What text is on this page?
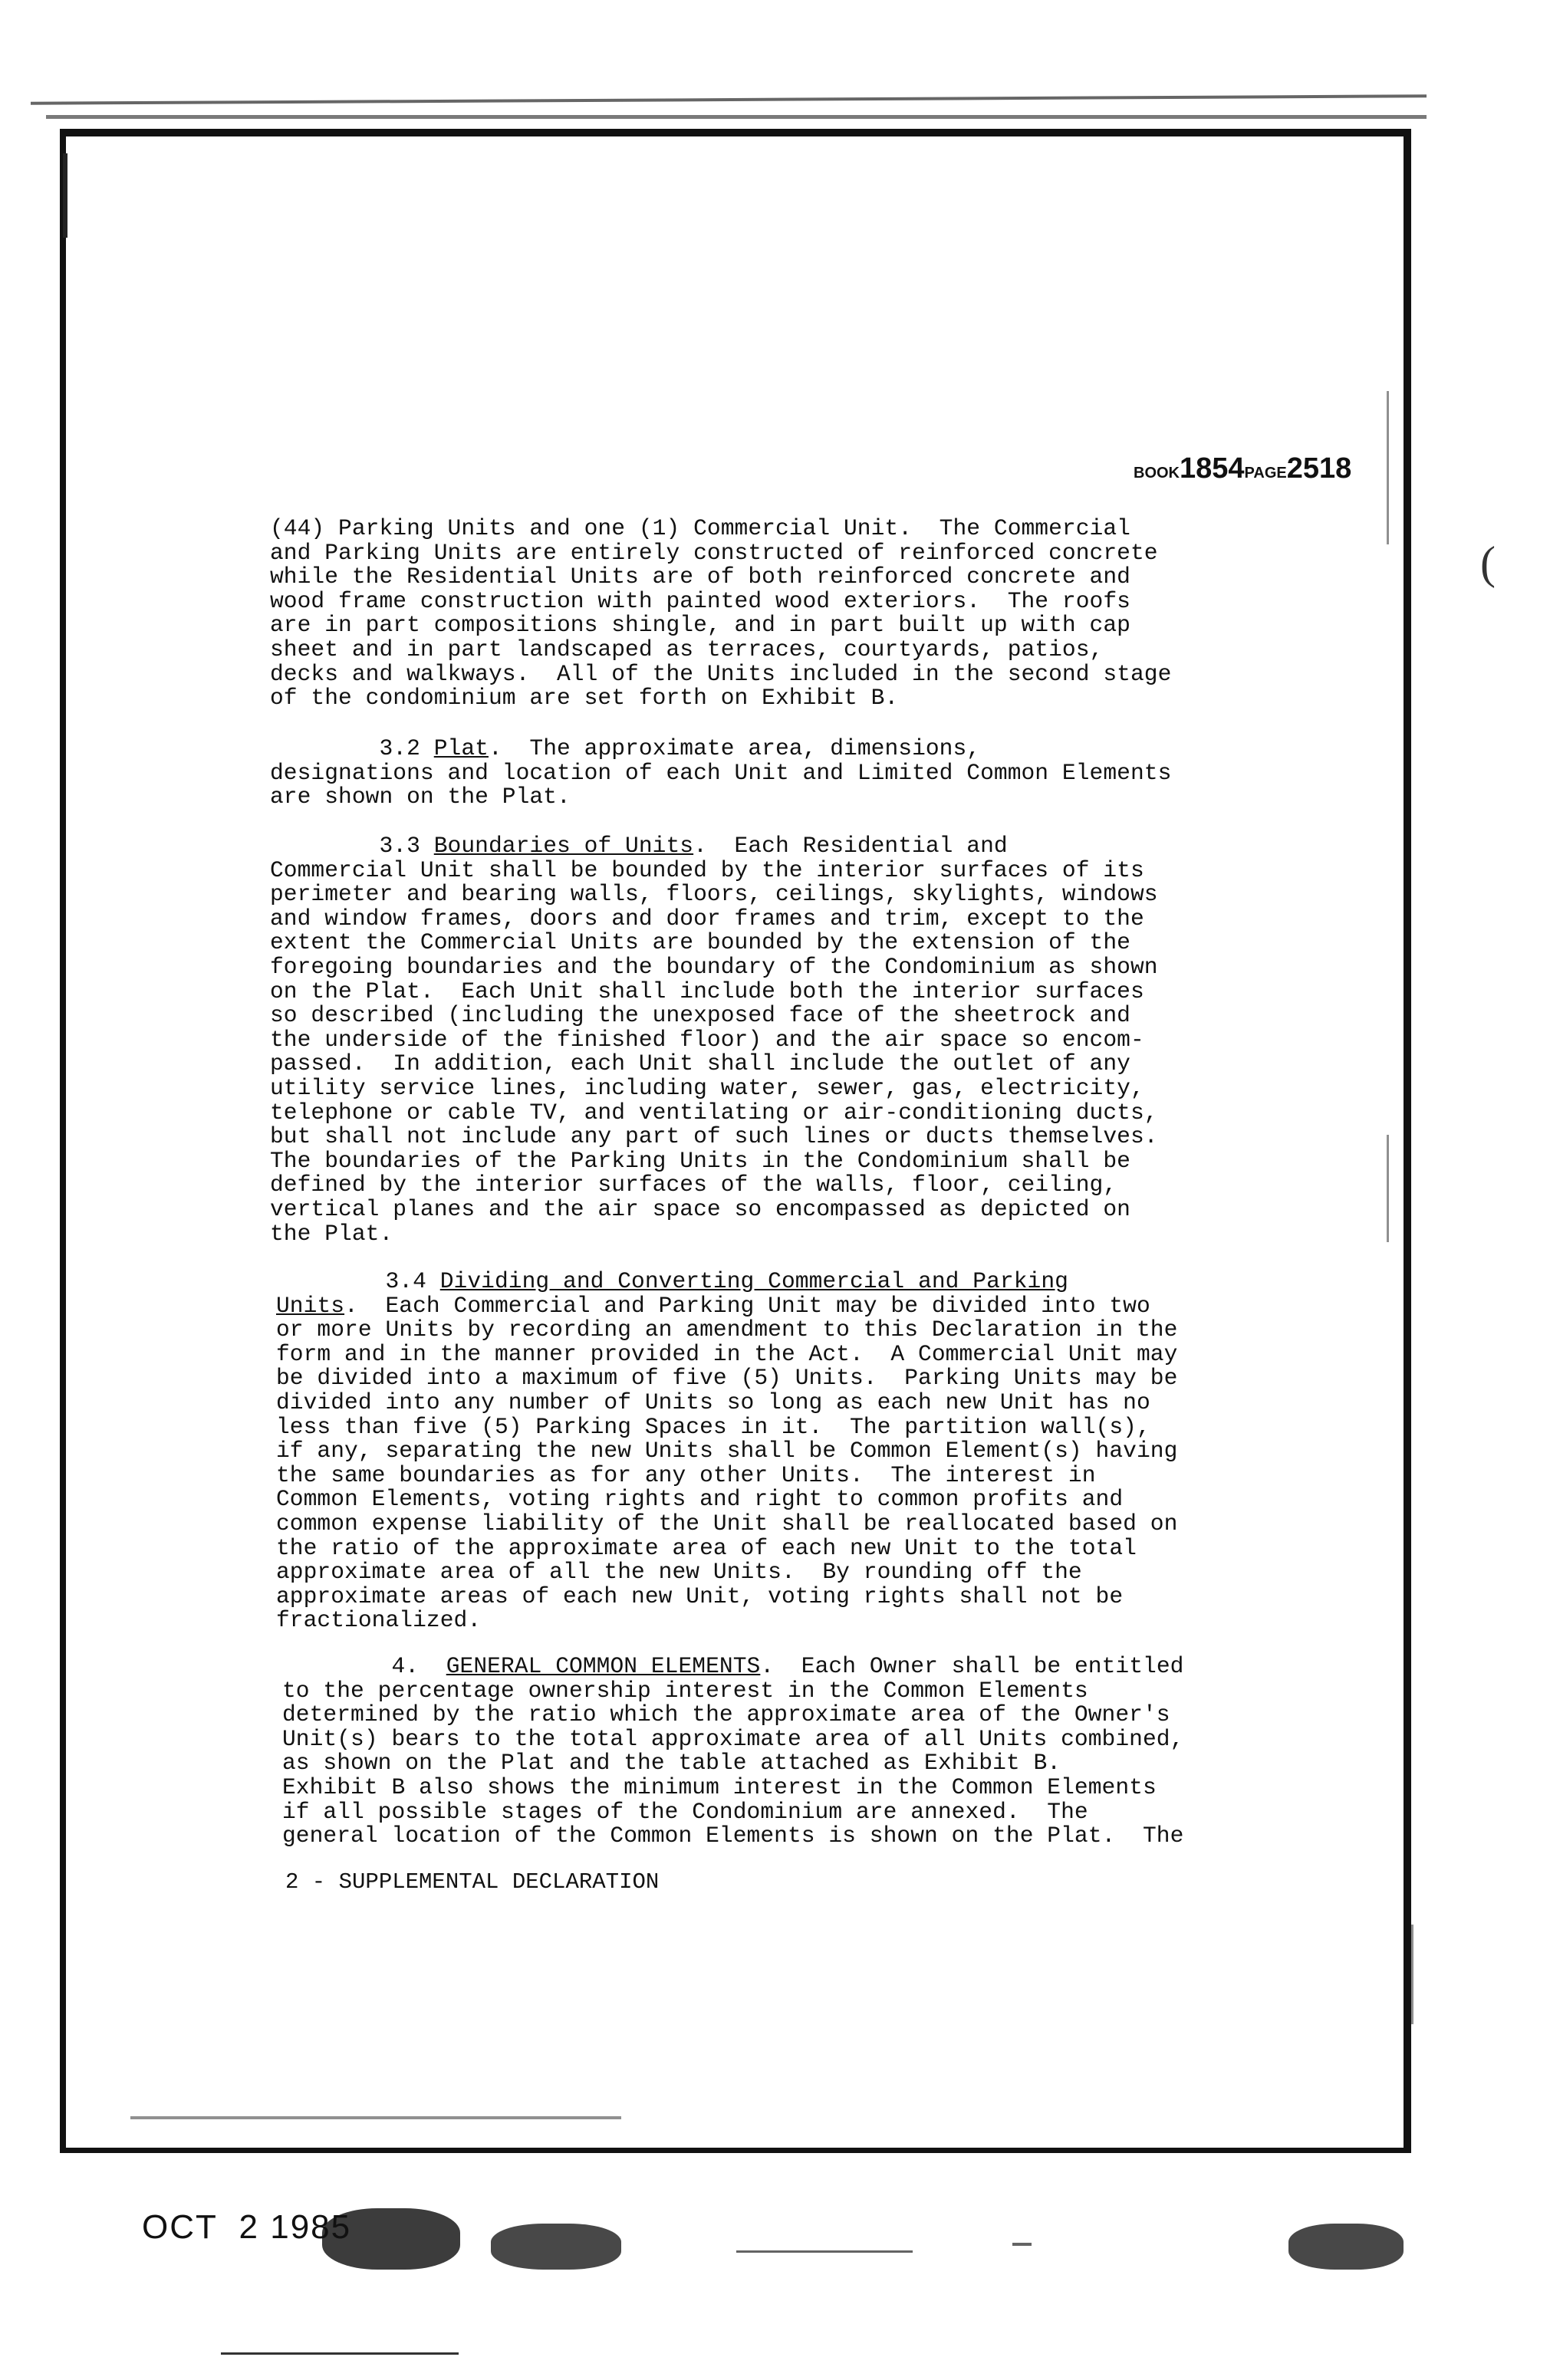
(
BOOK1854PAGE2518
(44) Parking Units and one (1) Commercial Unit.  The Commercial
and Parking Units are entirely constructed of reinforced concrete
while the Residential Units are of both reinforced concrete and
wood frame construction with painted wood exteriors.  The roofs
are in part compositions shingle, and in part built up with cap
sheet and in part landscaped as terraces, courtyards, patios,
decks and walkways.  All of the Units included in the second stage
of the condominium are set forth on Exhibit B.
3.2 Plat.  The approximate area, dimensions,
designations and location of each Unit and Limited Common Elements
are shown on the Plat.
3.3 Boundaries of Units.  Each Residential and
Commercial Unit shall be bounded by the interior surfaces of its
perimeter and bearing walls, floors, ceilings, skylights, windows
and window frames, doors and door frames and trim, except to the
extent the Commercial Units are bounded by the extension of the
foregoing boundaries and the boundary of the Condominium as shown
on the Plat.  Each Unit shall include both the interior surfaces
so described (including the unexposed face of the sheetrock and
the underside of the finished floor) and the air space so encom-
passed.  In addition, each Unit shall include the outlet of any
utility service lines, including water, sewer, gas, electricity,
telephone or cable TV, and ventilating or air-conditioning ducts,
but shall not include any part of such lines or ducts themselves.
The boundaries of the Parking Units in the Condominium shall be
defined by the interior surfaces of the walls, floor, ceiling,
vertical planes and the air space so encompassed as depicted on
the Plat.
3.4 Dividing and Converting Commercial and Parking
Units.  Each Commercial and Parking Unit may be divided into two
or more Units by recording an amendment to this Declaration in the
form and in the manner provided in the Act.  A Commercial Unit may
be divided into a maximum of five (5) Units.  Parking Units may be
divided into any number of Units so long as each new Unit has no
less than five (5) Parking Spaces in it.  The partition wall(s),
if any, separating the new Units shall be Common Element(s) having
the same boundaries as for any other Units.  The interest in
Common Elements, voting rights and right to common profits and
common expense liability of the Unit shall be reallocated based on
the ratio of the approximate area of each new Unit to the total
approximate area of all the new Units.  By rounding off the
approximate areas of each new Unit, voting rights shall not be
fractionalized.
4. GENERAL COMMON ELEMENTS.  Each Owner shall be entitled
to the percentage ownership interest in the Common Elements
determined by the ratio which the approximate area of the Owner's
Unit(s) bears to the total approximate area of all Units combined,
as shown on the Plat and the table attached as Exhibit B.
Exhibit B also shows the minimum interest in the Common Elements
if all possible stages of the Condominium are annexed.  The
general location of the Common Elements is shown on the Plat.  The
2 - SUPPLEMENTAL DECLARATION
OCT 2 1985
